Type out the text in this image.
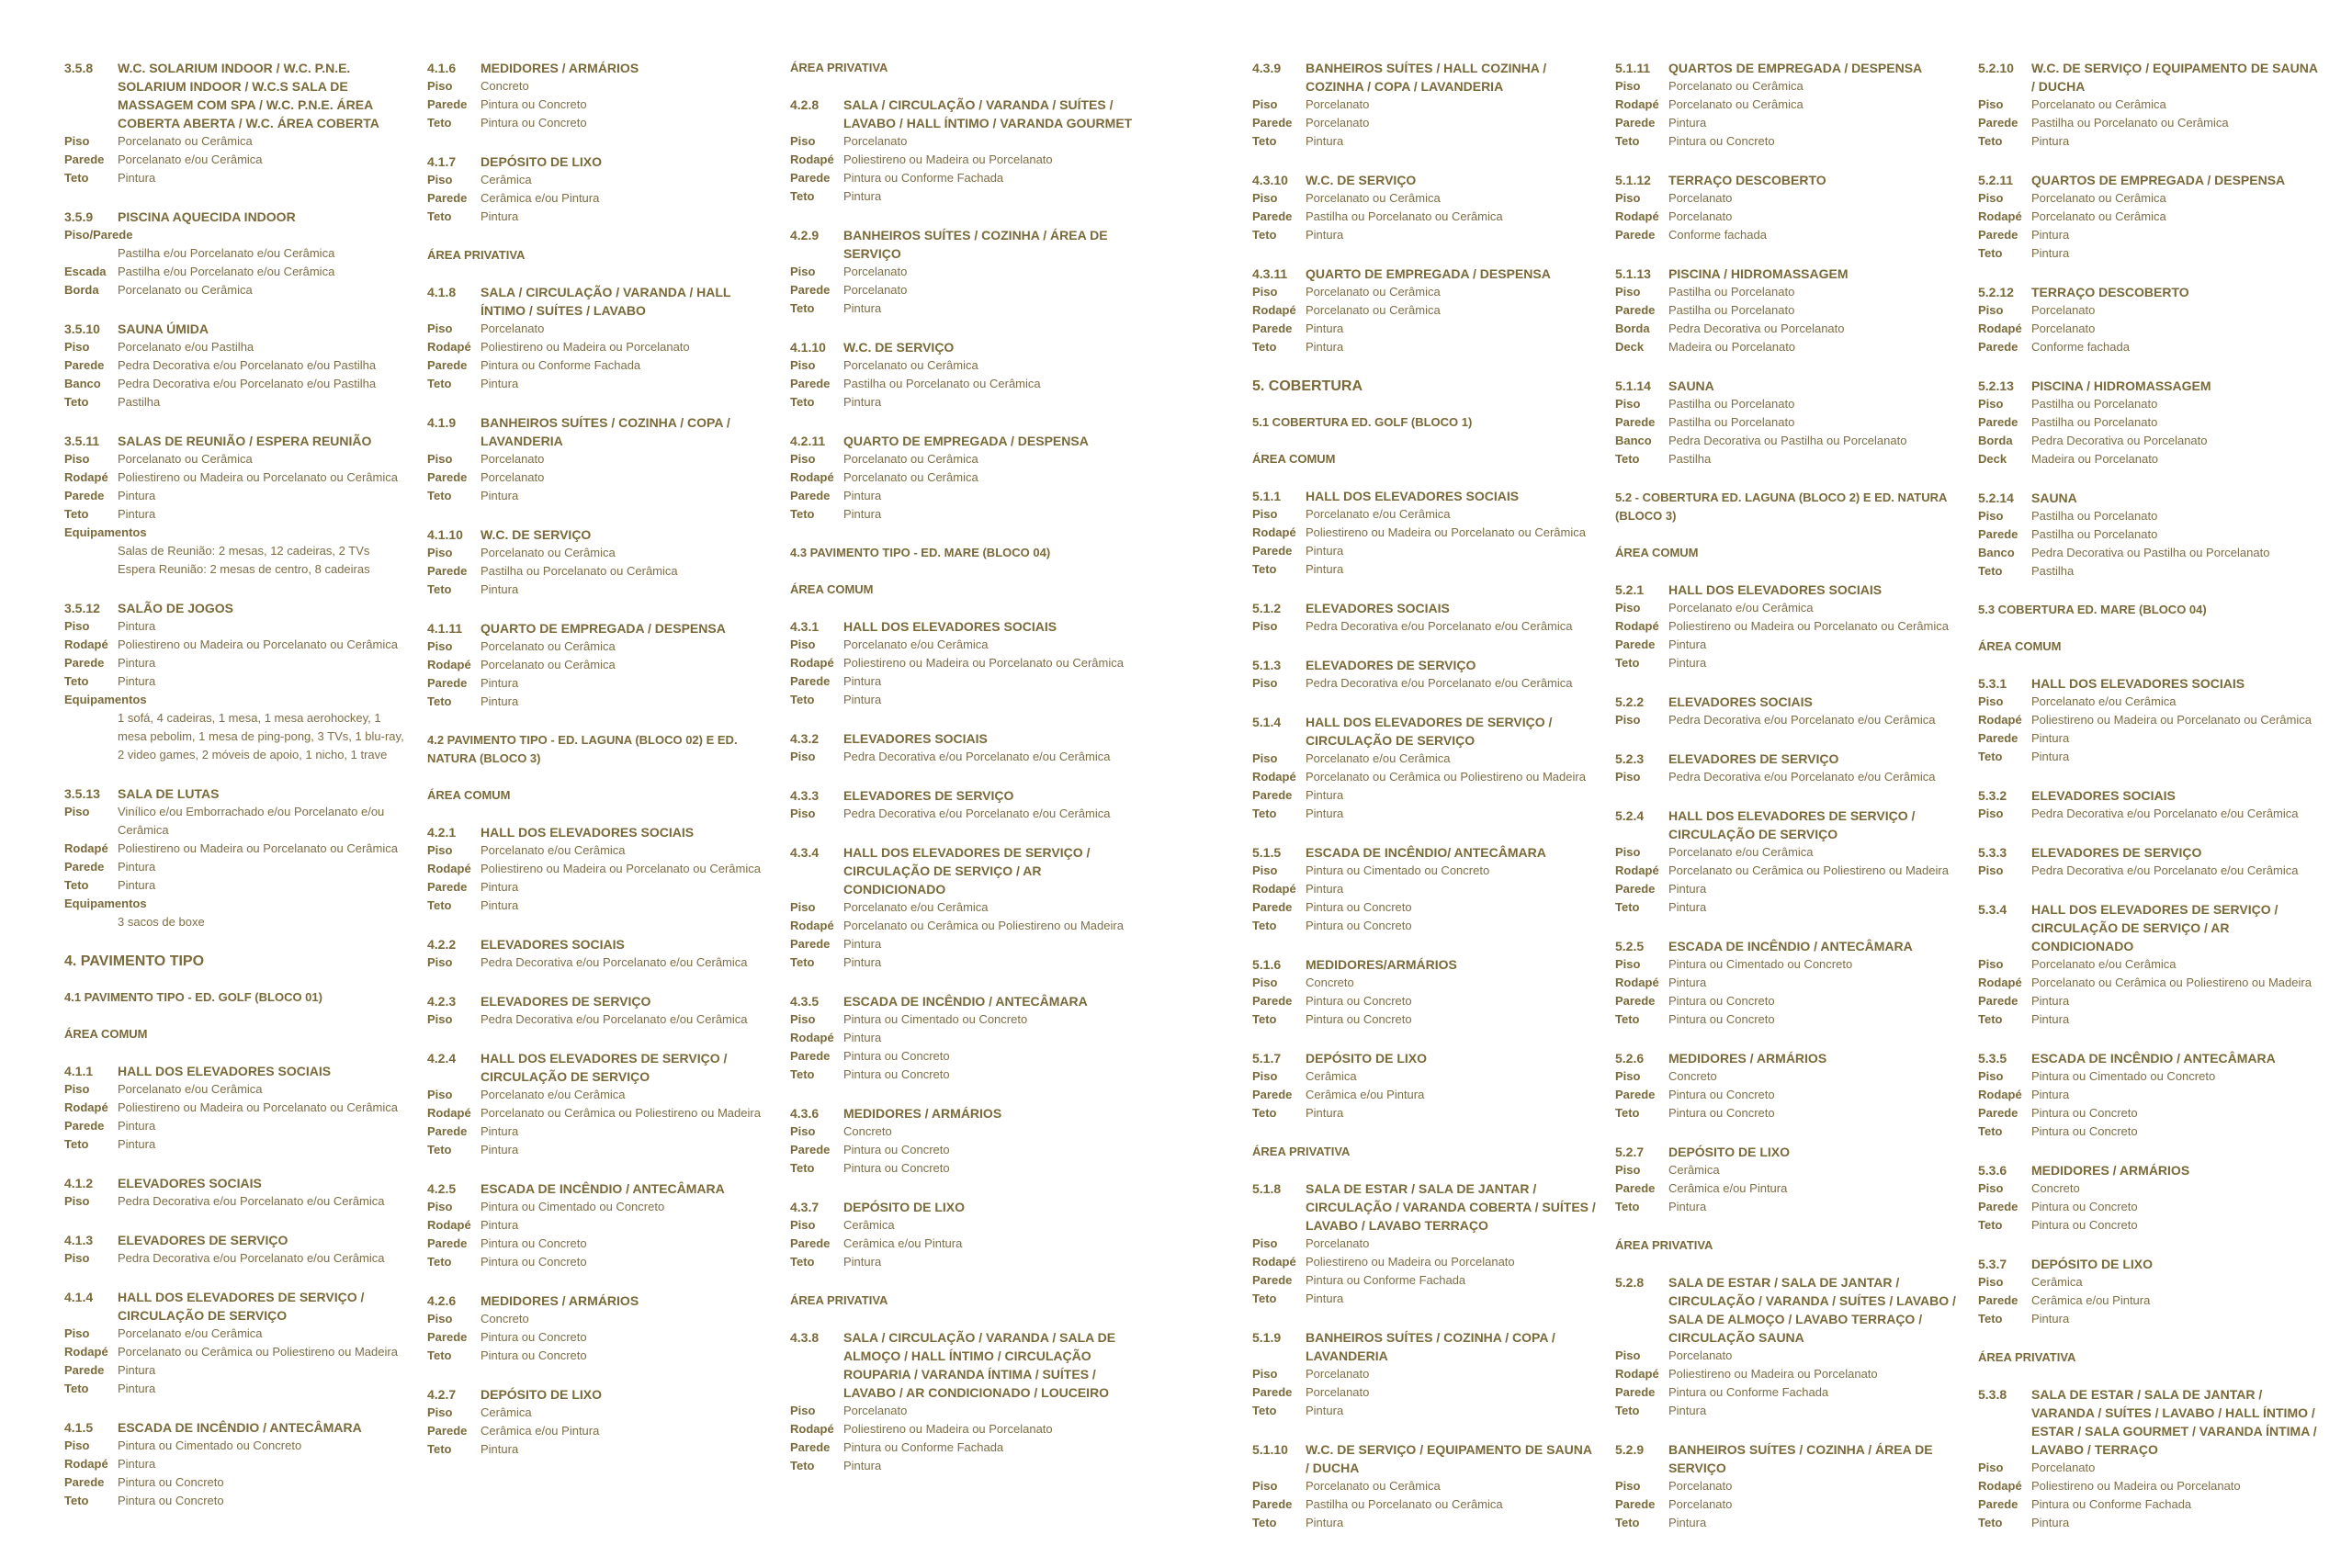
3.5.8	W.C. SOLARIUM INDOOR / W.C. P.N.E. SOLARIUM INDOOR / W.C.S SALA DE MASSAGEM COM SPA / W.C. P.N.E. ÁREA COBERTA ABERTA / W.C. ÁREA COBERTA
Piso	Porcelanato ou Cerâmica
Parede	Porcelanato e/ou Cerâmica
Teto	Pintura
3.5.9	PISCINA AQUECIDA INDOOR
Piso/Parede
Pastilha e/ou Porcelanato e/ou Cerâmica
Escada Pastilha e/ou Porcelanato e/ou Cerâmica
Borda	Porcelanato ou Cerâmica
3.5.10	SAUNA ÚMIDA
Piso	Porcelanato e/ou Pastilha
Parede	Pedra Decorativa e/ou Porcelanato e/ou Pastilha
Banco	Pedra Decorativa e/ou Porcelanato e/ou Pastilha
Teto	Pastilha
3.5.11	SALAS DE REUNIÃO / ESPERA REUNIÃO
Piso	Porcelanato ou Cerâmica
Rodapé Poliestireno ou Madeira ou Porcelanato ou Cerâmica
Parede	Pintura
Teto	Pintura
Equipamentos
Salas de Reunião: 2 mesas, 12 cadeiras, 2 TVs
Espera Reunião: 2 mesas de centro, 8 cadeiras
3.5.12	SALÃO DE JOGOS
Piso	Pintura
Rodapé Poliestireno ou Madeira ou Porcelanato ou Cerâmica
Parede	Pintura
Teto	Pintura
Equipamentos
1 sofá, 4 cadeiras, 1 mesa, 1 mesa aerohockey, 1 mesa pebolim, 1 mesa de ping-pong, 3 TVs, 1 blu-ray, 2 video games, 2 móveis de apoio, 1 nicho, 1 trave
3.5.13	SALA DE LUTAS
Piso	Vinílico e/ou Emborrachado e/ou Porcelanato e/ou Cerâmica
Rodapé Poliestireno ou Madeira ou Porcelanato ou Cerâmica
Parede	Pintura
Teto	Pintura
Equipamentos
3 sacos de boxe
4. PAVIMENTO TIPO
4.1 PAVIMENTO TIPO - ED. GOLF (BLOCO 01)
ÁREA COMUM
4.1.1	HALL DOS ELEVADORES SOCIAIS
Piso	Porcelanato e/ou Cerâmica
Rodapé Poliestireno ou Madeira ou Porcelanato ou Cerâmica
Parede	Pintura
Teto	Pintura
4.1.2	ELEVADORES SOCIAIS
Piso	Pedra Decorativa e/ou Porcelanato e/ou Cerâmica
4.1.3	ELEVADORES DE SERVIÇO
Piso	Pedra Decorativa e/ou Porcelanato e/ou Cerâmica
4.1.4	HALL DOS ELEVADORES DE SERVIÇO / CIRCULAÇÃO DE SERVIÇO
Piso	Porcelanato e/ou Cerâmica
Rodapé Porcelanato ou Cerâmica ou Poliestireno ou Madeira
Parede	Pintura
Teto	Pintura
4.1.5	ESCADA DE INCÊNDIO / ANTECÂMARA
Piso	Pintura ou Cimentado ou Concreto
Rodapé Pintura
Parede	Pintura ou Concreto
Teto	Pintura ou Concreto
4.1.6	MEDIDORES / ARMÁRIOS
Piso	Concreto
Parede	Pintura ou Concreto
Teto	Pintura ou Concreto
4.1.7	DEPÓSITO DE LIXO
Piso	Cerâmica
Parede	Cerâmica e/ou Pintura
Teto	Pintura
ÁREA PRIVATIVA
4.1.8	SALA / CIRCULAÇÃO / VARANDA / HALL ÍNTIMO / SUÍTES / LAVABO
Piso	Porcelanato
Rodapé Poliestireno ou Madeira ou Porcelanato
Parede	Pintura ou Conforme Fachada
Teto	Pintura
4.1.9	BANHEIROS SUÍTES / COZINHA / COPA / LAVANDERIA
Piso	Porcelanato
Parede	Porcelanato
Teto	Pintura
4.1.10	W.C. DE SERVIÇO
Piso	Porcelanato ou Cerâmica
Parede	Pastilha ou Porcelanato ou Cerâmica
Teto	Pintura
4.1.11	QUARTO DE EMPREGADA / DESPENSA
Piso	Porcelanato ou Cerâmica
Rodapé Porcelanato ou Cerâmica
Parede	Pintura
Teto	Pintura
4.2 PAVIMENTO TIPO - ED. LAGUNA (BLOCO 02) E ED. NATURA (BLOCO 3)
ÁREA COMUM
4.2.1	HALL DOS ELEVADORES SOCIAIS
Piso	Porcelanato e/ou Cerâmica
Rodapé Poliestireno ou Madeira ou Porcelanato ou Cerâmica
Parede	Pintura
Teto	Pintura
4.2.2	ELEVADORES SOCIAIS
Piso	Pedra Decorativa e/ou Porcelanato e/ou Cerâmica
4.2.3	ELEVADORES DE SERVIÇO
Piso	Pedra Decorativa e/ou Porcelanato e/ou Cerâmica
4.2.4	HALL DOS ELEVADORES DE SERVIÇO / CIRCULAÇÃO DE SERVIÇO
Piso	Porcelanato e/ou Cerâmica
Rodapé Porcelanato ou Cerâmica ou Poliestireno ou Madeira
Parede	Pintura
Teto	Pintura
4.2.5	ESCADA DE INCÊNDIO / ANTECÂMARA
Piso	Pintura ou Cimentado ou Concreto
Rodapé Pintura
Parede	Pintura ou Concreto
Teto	Pintura ou Concreto
4.2.6	MEDIDORES / ARMÁRIOS
Piso	Concreto
Parede	Pintura ou Concreto
Teto	Pintura ou Concreto
4.2.7	DEPÓSITO DE LIXO
Piso	Cerâmica
Parede	Cerâmica e/ou Pintura
Teto	Pintura
ÁREA PRIVATIVA
4.2.8	SALA / CIRCULAÇÃO / VARANDA / SUÍTES / LAVABO / HALL ÍNTIMO / VARANDA GOURMET
Piso	Porcelanato
Rodapé Poliestireno ou Madeira ou Porcelanato
Parede	Pintura ou Conforme Fachada
Teto	Pintura
4.2.9	BANHEIROS SUÍTES / COZINHA / ÁREA DE SERVIÇO
Piso	Porcelanato
Parede	Porcelanato
Teto	Pintura
4.1.10	W.C. DE SERVIÇO
Piso	Porcelanato ou Cerâmica
Parede	Pastilha ou Porcelanato ou Cerâmica
Teto	Pintura
4.2.11	QUARTO DE EMPREGADA / DESPENSA
Piso	Porcelanato ou Cerâmica
Rodapé Porcelanato ou Cerâmica
Parede	Pintura
Teto	Pintura
4.3 PAVIMENTO TIPO - ED. MARE (BLOCO 04)
ÁREA COMUM
4.3.1	HALL DOS ELEVADORES SOCIAIS
Piso	Porcelanato e/ou Cerâmica
Rodapé Poliestireno ou Madeira ou Porcelanato ou Cerâmica
Parede	Pintura
Teto	Pintura
4.3.2	ELEVADORES SOCIAIS
Piso	Pedra Decorativa e/ou Porcelanato e/ou Cerâmica
4.3.3	ELEVADORES DE SERVIÇO
Piso	Pedra Decorativa e/ou Porcelanato e/ou Cerâmica
4.3.4	HALL DOS ELEVADORES DE SERVIÇO / CIRCULAÇÃO DE SERVIÇO / AR CONDICIONADO
Piso	Porcelanato e/ou Cerâmica
Rodapé Porcelanato ou Cerâmica ou Poliestireno ou Madeira
Parede	Pintura
Teto	Pintura
4.3.5	ESCADA DE INCÊNDIO / ANTECÂMARA
Piso	Pintura ou Cimentado ou Concreto
Rodapé Pintura
Parede	Pintura ou Concreto
Teto	Pintura ou Concreto
4.3.6	MEDIDORES / ARMÁRIOS
Piso	Concreto
Parede	Pintura ou Concreto
Teto	Pintura ou Concreto
4.3.7	DEPÓSITO DE LIXO
Piso	Cerâmica
Parede	Cerâmica e/ou Pintura
Teto	Pintura
ÁREA PRIVATIVA
4.3.8	SALA / CIRCULAÇÃO / VARANDA / SALA DE ALMOÇO / HALL ÍNTIMO / CIRCULAÇÃO ROUPARIA / VARANDA ÍNTIMA / SUÍTES / LAVABO / AR CONDICIONADO / LOUCEIRO
Piso	Porcelanato
Rodapé Poliestireno ou Madeira ou Porcelanato
Parede	Pintura ou Conforme Fachada
Teto	Pintura
4.3.9	BANHEIROS SUÍTES / HALL COZINHA / COZINHA / COPA / LAVANDERIA
Piso	Porcelanato
Parede	Porcelanato
Teto	Pintura
4.3.10	W.C. DE SERVIÇO
Piso	Porcelanato ou Cerâmica
Parede	Pastilha ou Porcelanato ou Cerâmica
Teto	Pintura
4.3.11	QUARTO DE EMPREGADA / DESPENSA
Piso	Porcelanato ou Cerâmica
Rodapé Porcelanato ou Cerâmica
Parede	Pintura
Teto	Pintura
5. COBERTURA
5.1 COBERTURA ED. GOLF (BLOCO 1)
ÁREA COMUM
5.1.1	HALL DOS ELEVADORES SOCIAIS
Piso	Porcelanato e/ou Cerâmica
Rodapé Poliestireno ou Madeira ou Porcelanato ou Cerâmica
Parede	Pintura
Teto	Pintura
5.1.2	ELEVADORES SOCIAIS
Piso	Pedra Decorativa e/ou Porcelanato e/ou Cerâmica
5.1.3	ELEVADORES DE SERVIÇO
Piso	Pedra Decorativa e/ou Porcelanato e/ou Cerâmica
5.1.4	HALL DOS ELEVADORES DE SERVIÇO / CIRCULAÇÃO DE SERVIÇO
Piso	Porcelanato e/ou Cerâmica
Rodapé Porcelanato ou Cerâmica ou Poliestireno ou Madeira
Parede	Pintura
Teto	Pintura
5.1.5	ESCADA DE INCÊNDIO/ ANTECÂMARA
Piso	Pintura ou Cimentado ou Concreto
Rodapé Pintura
Parede	Pintura ou Concreto
Teto	Pintura ou Concreto
5.1.6	MEDIDORES/ARMÁRIOS
Piso	Concreto
Parede	Pintura ou Concreto
Teto	Pintura ou Concreto
5.1.7	DEPÓSITO DE LIXO
Piso	Cerâmica
Parede	Cerâmica e/ou Pintura
Teto	Pintura
ÁREA PRIVATIVA
5.1.8	SALA DE ESTAR / SALA DE JANTAR / CIRCULAÇÃO / VARANDA COBERTA / SUÍTES / LAVABO / LAVABO TERRAÇO
Piso	Porcelanato
Rodapé Poliestireno ou Madeira ou Porcelanato
Parede	Pintura ou Conforme Fachada
Teto	Pintura
5.1.9	BANHEIROS SUÍTES / COZINHA / COPA / LAVANDERIA
Piso	Porcelanato
Parede	Porcelanato
Teto	Pintura
5.1.10	W.C. DE SERVIÇO / EQUIPAMENTO DE SAUNA / DUCHA
Piso	Porcelanato ou Cerâmica
Parede	Pastilha ou Porcelanato ou Cerâmica
Teto	Pintura
5.1.11	QUARTOS DE EMPREGADA / DESPENSA
Piso	Porcelanato ou Cerâmica
Rodapé Porcelanato ou Cerâmica
Parede	Pintura
Teto	Pintura ou Concreto
5.1.12	TERRAÇO DESCOBERTO
Piso	Porcelanato
Rodapé Porcelanato
Parede	Conforme fachada
5.1.13	PISCINA / HIDROMASSAGEM
Piso	Pastilha ou Porcelanato
Parede	Pastilha ou Porcelanato
Borda	Pedra Decorativa ou Porcelanato
Deck	Madeira ou Porcelanato
5.1.14	SAUNA
Piso	Pastilha ou Porcelanato
Parede	Pastilha ou Porcelanato
Banco	Pedra Decorativa ou Pastilha ou Porcelanato
Teto	Pastilha
5.2 - COBERTURA ED. LAGUNA (BLOCO 2) E ED. NATURA (BLOCO 3)
ÁREA COMUM
5.2.1	HALL DOS ELEVADORES SOCIAIS
Piso	Porcelanato e/ou Cerâmica
Rodapé Poliestireno ou Madeira ou Porcelanato ou Cerâmica
Parede	Pintura
Teto	Pintura
5.2.2	ELEVADORES SOCIAIS
Piso	Pedra Decorativa e/ou Porcelanato e/ou Cerâmica
5.2.3	ELEVADORES DE SERVIÇO
Piso	Pedra Decorativa e/ou Porcelanato e/ou Cerâmica
5.2.4	HALL DOS ELEVADORES DE SERVIÇO / CIRCULAÇÃO DE SERVIÇO
Piso	Porcelanato e/ou Cerâmica
Rodapé Porcelanato ou Cerâmica ou Poliestireno ou Madeira
Parede	Pintura
Teto	Pintura
5.2.5	ESCADA DE INCÊNDIO / ANTECÂMARA
Piso	Pintura ou Cimentado ou Concreto
Rodapé Pintura
Parede	Pintura ou Concreto
Teto	Pintura ou Concreto
5.2.6	MEDIDORES / ARMÁRIOS
Piso	Concreto
Parede	Pintura ou Concreto
Teto	Pintura ou Concreto
5.2.7	DEPÓSITO DE LIXO
Piso	Cerâmica
Parede	Cerâmica e/ou Pintura
Teto	Pintura
ÁREA PRIVATIVA
5.2.8	SALA DE ESTAR / SALA DE JANTAR / CIRCULAÇÃO / VARANDA / SUÍTES / LAVABO / SALA DE ALMOÇO / LAVABO TERRAÇO / CIRCULAÇÃO SAUNA
Piso	Porcelanato
Rodapé Poliestireno ou Madeira ou Porcelanato
Parede	Pintura ou Conforme Fachada
Teto	Pintura
5.2.9	BANHEIROS SUÍTES / COZINHA / ÁREA DE SERVIÇO
Piso	Porcelanato
Parede	Porcelanato
Teto	Pintura
5.2.10	W.C. DE SERVIÇO / EQUIPAMENTO DE SAUNA / DUCHA
Piso	Porcelanato ou Cerâmica
Parede	Pastilha ou Porcelanato ou Cerâmica
Teto	Pintura
5.2.11	QUARTOS DE EMPREGADA / DESPENSA
Piso	Porcelanato ou Cerâmica
Rodapé Porcelanato ou Cerâmica
Parede	Pintura
Teto	Pintura
5.2.12	TERRAÇO DESCOBERTO
Piso	Porcelanato
Rodapé Porcelanato
Parede	Conforme fachada
5.2.13	PISCINA / HIDROMASSAGEM
Piso	Pastilha ou Porcelanato
Parede	Pastilha ou Porcelanato
Borda	Pedra Decorativa ou Porcelanato
Deck	Madeira ou Porcelanato
5.2.14	SAUNA
Piso	Pastilha ou Porcelanato
Parede	Pastilha ou Porcelanato
Banco	Pedra Decorativa ou Pastilha ou Porcelanato
Teto	Pastilha
5.3 COBERTURA ED. MARE (BLOCO 04)
ÁREA COMUM
5.3.1	HALL DOS ELEVADORES SOCIAIS
Piso	Porcelanato e/ou Cerâmica
Rodapé Poliestireno ou Madeira ou Porcelanato ou Cerâmica
Parede	Pintura
Teto	Pintura
5.3.2	ELEVADORES SOCIAIS
Piso	Pedra Decorativa e/ou Porcelanato e/ou Cerâmica
5.3.3	ELEVADORES DE SERVIÇO
Piso	Pedra Decorativa e/ou Porcelanato e/ou Cerâmica
5.3.4	HALL DOS ELEVADORES DE SERVIÇO / CIRCULAÇÃO DE SERVIÇO / AR CONDICIONADO
Piso	Porcelanato e/ou Cerâmica
Rodapé Porcelanato ou Cerâmica ou Poliestireno ou Madeira
Parede	Pintura
Teto	Pintura
5.3.5	ESCADA DE INCÊNDIO / ANTECÂMARA
Piso	Pintura ou Cimentado ou Concreto
Rodapé Pintura
Parede	Pintura ou Concreto
Teto	Pintura ou Concreto
5.3.6	MEDIDORES / ARMÁRIOS
Piso	Concreto
Parede	Pintura ou Concreto
Teto	Pintura ou Concreto
5.3.7	DEPÓSITO DE LIXO
Piso	Cerâmica
Parede	Cerâmica e/ou Pintura
Teto	Pintura
ÁREA PRIVATIVA
5.3.8	SALA DE ESTAR / SALA DE JANTAR / VARANDA / SUÍTES / LAVABO / HALL ÍNTIMO / ESTAR / SALA GOURMET / VARANDA ÍNTIMA / LAVABO / TERRAÇO
Piso	Porcelanato
Rodapé Poliestireno ou Madeira ou Porcelanato
Parede	Pintura ou Conforme Fachada
Teto	Pintura
